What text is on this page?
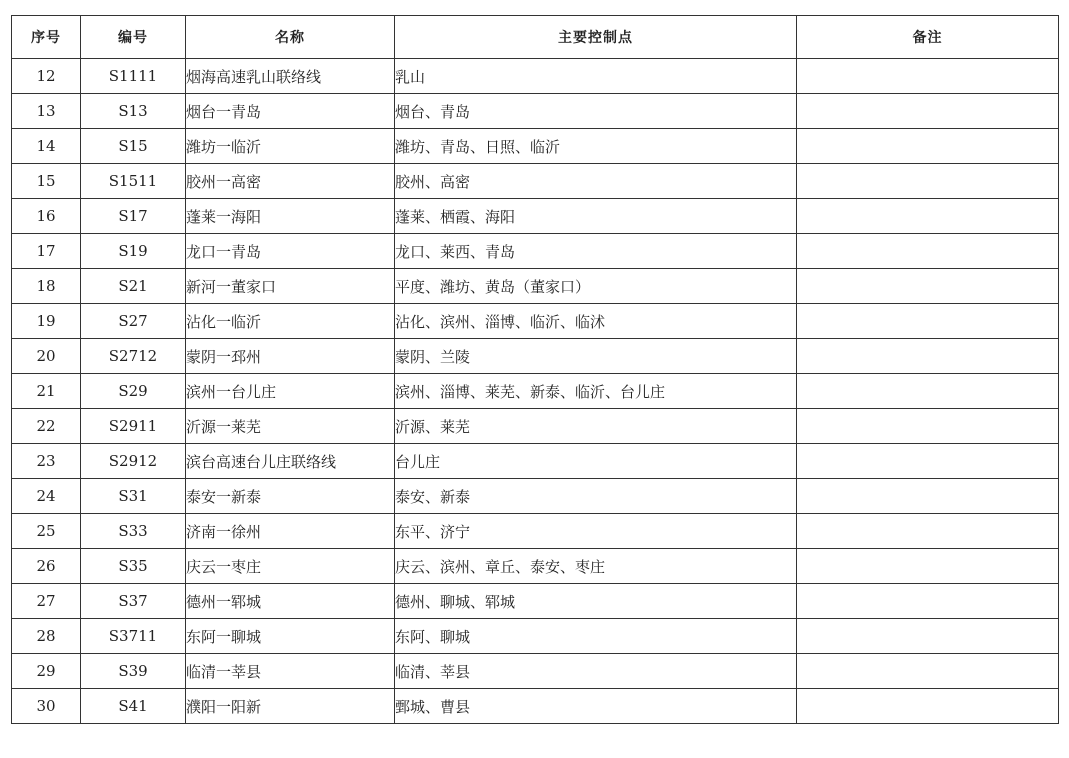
序号	编号	名称	主要控制点	备注
12	S1111	烟海高速乳山联络线	乳山	
13	S13	烟台一青岛	烟台、青岛	
14	S15	潍坊一临沂	潍坊、青岛、日照、临沂	
15	S1511	胶州一高密	胶州、高密	
16	S17	蓬莱一海阳	蓬莱、栖霞、海阳	
17	S19	龙口一青岛	龙口、莱西、青岛	
18	S21	新河一董家口	平度、潍坊、黄岛（董家口）	
19	S27	沾化一临沂	沾化、滨州、淄博、临沂、临沭	
20	S2712	蒙阴一邳州	蒙阴、兰陵	
21	S29	滨州一台儿庄	滨州、淄博、莱芜、新泰、临沂、台儿庄	
22	S2911	沂源一莱芜	沂源、莱芜	
23	S2912	滨台高速台儿庄联络线	台儿庄	
24	S31	泰安一新泰	泰安、新泰	
25	S33	济南一徐州	东平、济宁	
26	S35	庆云一枣庄	庆云、滨州、章丘、泰安、枣庄	
27	S37	德州一郓城	德州、聊城、郓城	
28	S3711	东阿一聊城	东阿、聊城	
29	S39	临清一莘县	临清、莘县	
30	S41	濮阳一阳新	鄄城、曹县	
